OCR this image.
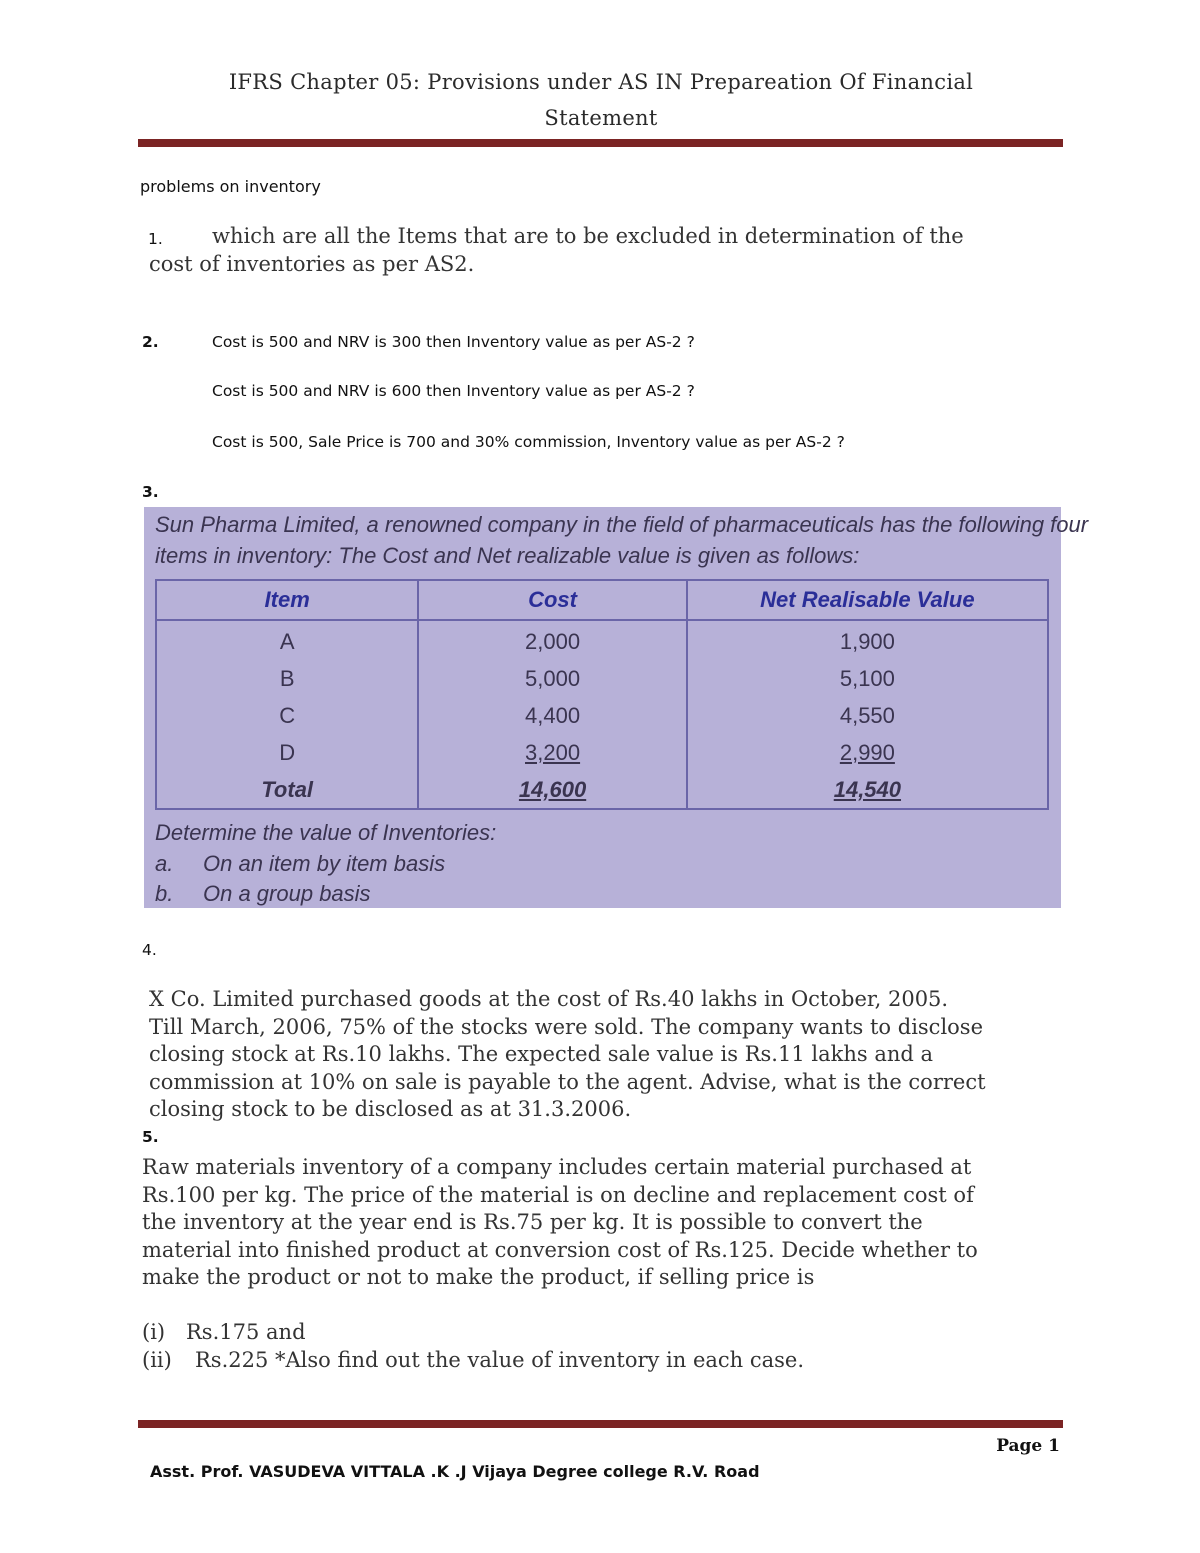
IFRS Chapter 05: Provisions under AS IN Prepareation Of Financial
Statement
problems on inventory
1. which are all the Items that are to be excluded in determination of the
cost of inventories as per AS2.
2.	Cost is 500 and NRV is 300 then Inventory value as per AS-2 ?
Cost is 500 and NRV is 600 then Inventory value as per AS-2 ?
Cost is 500, Sale Price is 700 and 30% commission, Inventory value as per AS-2 ?
3.
Sun Pharma Limited, a renowned company in the field of pharmaceuticals has the following four
items in inventory: The Cost and Net realizable value is given as follows:
Item	Cost	Net Realisable Value
A	2,000	1,900
B	5,000	5,100
C	4,400	4,550
D	3,200	2,990
Total	14,600	14,540
Determine the value of Inventories:
a. On an item by item basis
b. On a group basis
4.
X Co. Limited purchased goods at the cost of Rs.40 lakhs in October, 2005.
Till March, 2006, 75% of the stocks were sold. The company wants to disclose
closing stock at Rs.10 lakhs. The expected sale value is Rs.11 lakhs and a
commission at 10% on sale is payable to the agent. Advise, what is the correct
closing stock to be disclosed as at 31.3.2006.
5.
Raw materials inventory of a company includes certain material purchased at
Rs.100 per kg. The price of the material is on decline and replacement cost of
the inventory at the year end is Rs.75 per kg. It is possible to convert the
material into finished product at conversion cost of Rs.125. Decide whether to
make the product or not to make the product, if selling price is
(i) Rs.175 and
(ii) Rs.225 *Also find out the value of inventory in each case.
Page 1
Asst. Prof. VASUDEVA VITTALA .K .J Vijaya Degree college R.V. Road
